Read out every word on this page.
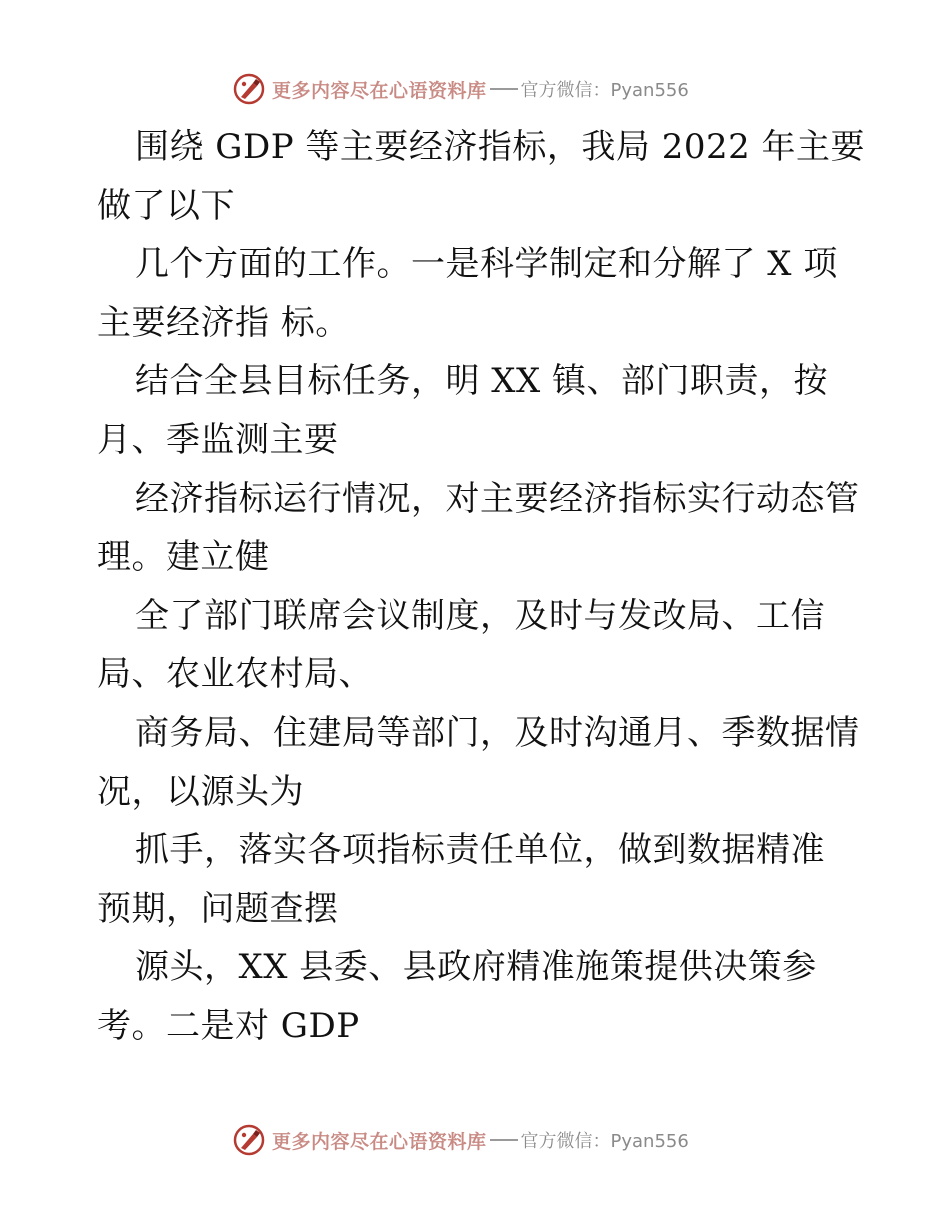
更多内容尽在心语资料库 官方微信：Pyan556
围绕 GDP 等主要经济指标，我局 2022 年主要
做了以下
几个方面的工作。一是科学制定和分解了 X 项
主要经济指 标。
结合全县目标任务，明 XX 镇、部门职责，按
月、季监测主要
经济指标运行情况，对主要经济指标实行动态管
理。建立健
全了部门联席会议制度，及时与发改局、工信
局、农业农村局、
商务局、住建局等部门，及时沟通月、季数据情
况，以源头为
抓手，落实各项指标责任单位，做到数据精准
预期，问题查摆
源头，XX 县委、县政府精准施策提供决策参
考。二是对 GDP
更多内容尽在心语资料库 官方微信：Pyan556
